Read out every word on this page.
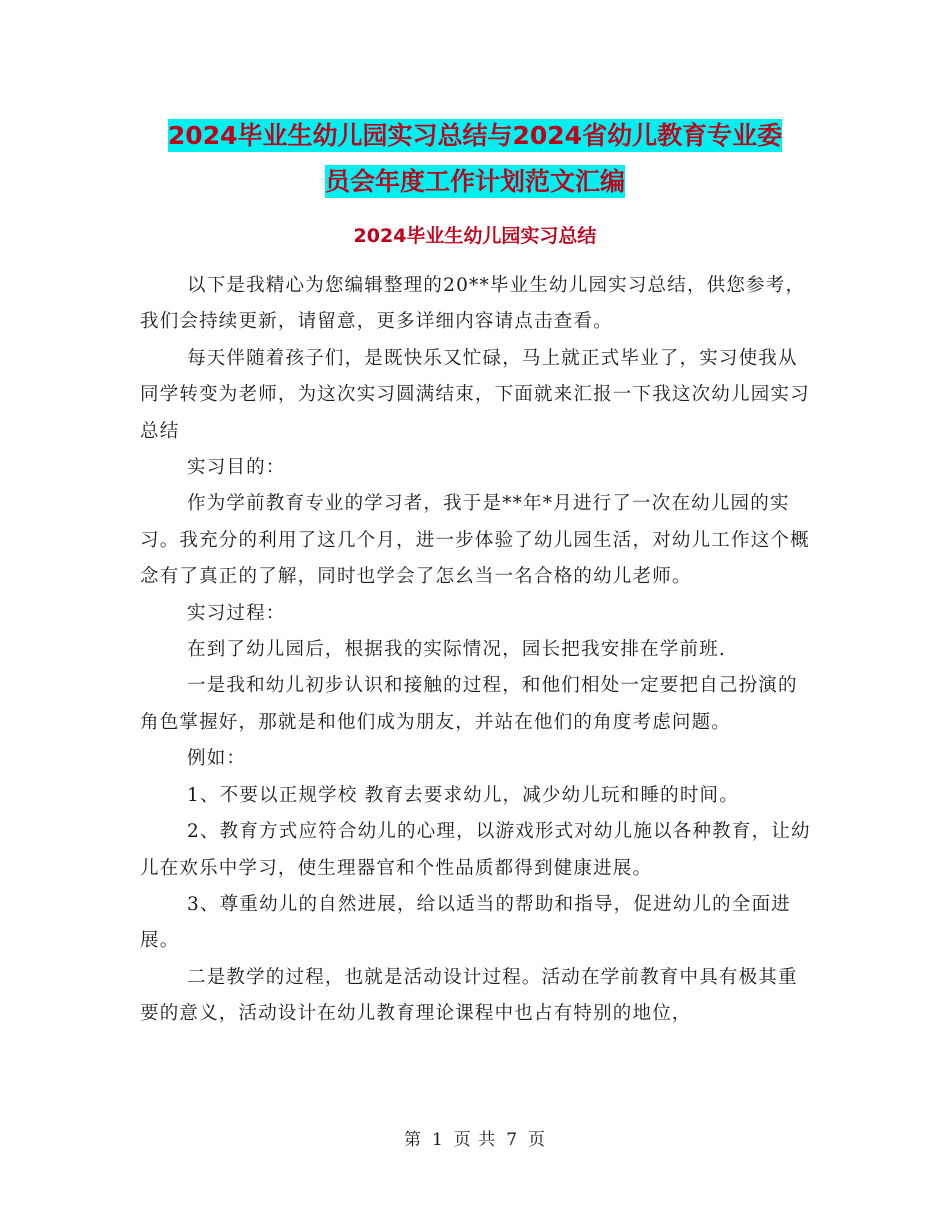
2024毕业生幼儿园实习总结与2024省幼儿教育专业委
员会年度工作计划范文汇编
2024毕业生幼儿园实习总结

以下是我精心为您编辑整理的20**毕业生幼儿园实习总结，供您参考，我们会持续更新，请留意，更多详细内容请点击查看。

每天伴随着孩子们，是既快乐又忙碌，马上就正式毕业了，实习使我从同学转变为老师，为这次实习圆满结束，下面就来汇报一下我这次幼儿园实习总结

实习目的：

作为学前教育专业的学习者，我于是**年*月进行了一次在幼儿园的实习。我充分的利用了这几个月，进一步体验了幼儿园生活，对幼儿工作这个概念有了真正的了解，同时也学会了怎幺当一名合格的幼儿老师。

实习过程：

在到了幼儿园后，根据我的实际情况，园长把我安排在学前班.

一是我和幼儿初步认识和接触的过程，和他们相处一定要把自己扮演的角色掌握好，那就是和他们成为朋友，并站在他们的角度考虑问题。

例如：

1、不要以正规学校 教育去要求幼儿，减少幼儿玩和睡的时间。

2、教育方式应符合幼儿的心理，以游戏形式对幼儿施以各种教育，让幼儿在欢乐中学习，使生理器官和个性品质都得到健康进展。

3、尊重幼儿的自然进展，给以适当的帮助和指导，促进幼儿的全面进展。

二是教学的过程，也就是活动设计过程。活动在学前教育中具有极其重要的意义，活动设计在幼儿教育理论课程中也占有特别的地位，

第 1 页 共 7 页
